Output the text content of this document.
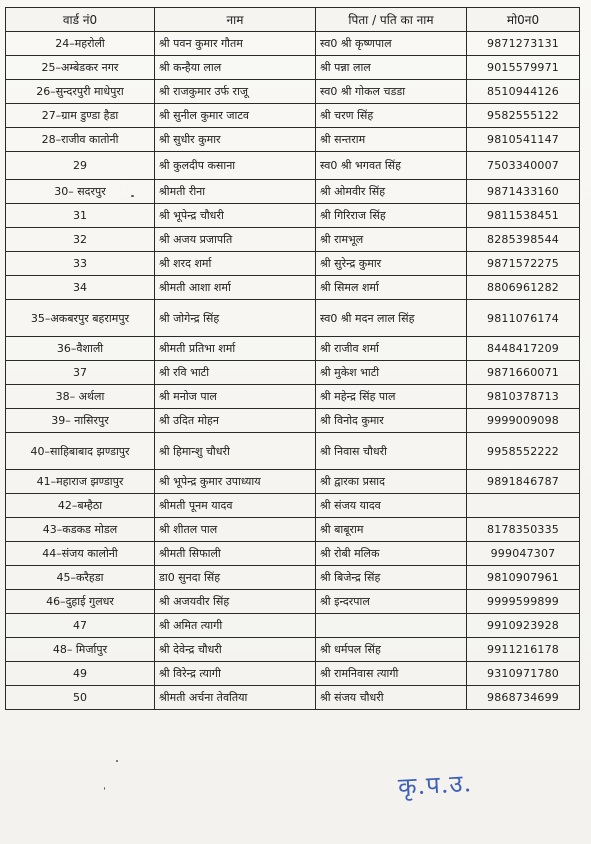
वार्ड नं0	नाम	पिता / पति का नाम	मो0न0
24–महरोली	श्री पवन कुमार गौतम	स्व0 श्री कृष्णपाल	9871273131
25–अम्बेडकर नगर	श्री कन्हैया लाल	श्री पन्ना लाल	9015579971
26–सुन्दरपुरी माधेपुरा	श्री राजकुमार उर्फ राजू	स्व0 श्री गोकल चडडा	8510944126
27–ग्राम डुण्डा हैडा	श्री सुनील कुमार जाटव	श्री चरण सिंह	9582555122
28–राजीव कातोनी	श्री सुधीर कुमार	श्री सन्तराम	9810541147
29	श्री कुलदीप कसाना	स्व0 श्री भगवत सिंह	7503340007
30– सदरपुर	श्रीमती रीना	श्री ओमवीर सिंह	9871433160
31	श्री भूपेन्द्र चौधरी	श्री गिरिराज सिंह	9811538451
32	श्री अजय प्रजापति	श्री रामभूल	8285398544
33	श्री शरद शर्मा	श्री सुरेन्द्र कुमार	9871572275
34	श्रीमती आशा शर्मा	श्री सिमल शर्मा	8806961282
35–अकबरपुर बहरामपुर	श्री जोगेन्द्र सिंह	स्व0 श्री मदन लाल सिंह	9811076174
36–वैशाली	श्रीमती प्रतिभा शर्मा	श्री राजीव शर्मा	8448417209
37	श्री रवि भाटी	श्री मुकेश भाटी	9871660071
38– अर्थला	श्री मनोज पाल	श्री महेन्द्र सिंह पाल	9810378713
39– नासिरपुर	श्री उदित मोहन	श्री विनोद कुमार	9999009098
40–साहिबाबाद झण्डापुर	श्री हिमान्शु चौधरी	श्री निवास चौधरी	9958552222
41–महाराज झण्डापुर	श्री भूपेन्द्र कुमार उपाध्याय	श्री द्वारका प्रसाद	9891846787
42–बम्हैठा	श्रीमती पूनम यादव	श्री संजय यादव	
43–कडकड मोडल	श्री शीतल पाल	श्री बाबूराम	8178350335
44–संजय कालोनी	श्रीमती सिफाली	श्री रोबी मलिक	999047307
45–करैहडा	डा0 सुनदा सिंह	श्री बिजेन्द्र सिंह	9810907961
46–दुहाई गुलधर	श्री अजयवीर सिंह	श्री इन्दरपाल	9999599899
47	श्री अमित त्यागी		9910923928
48– मिर्जापुर	श्री देवेन्द्र चौधरी	श्री धर्मपल सिंह	9911216178
49	श्री विरेन्द्र त्यागी	श्री रामनिवास त्यागी	9310971780
50	श्रीमती अर्चना तेवतिया	श्री संजय चौधरी	9868734699
कृ.प.उ.
